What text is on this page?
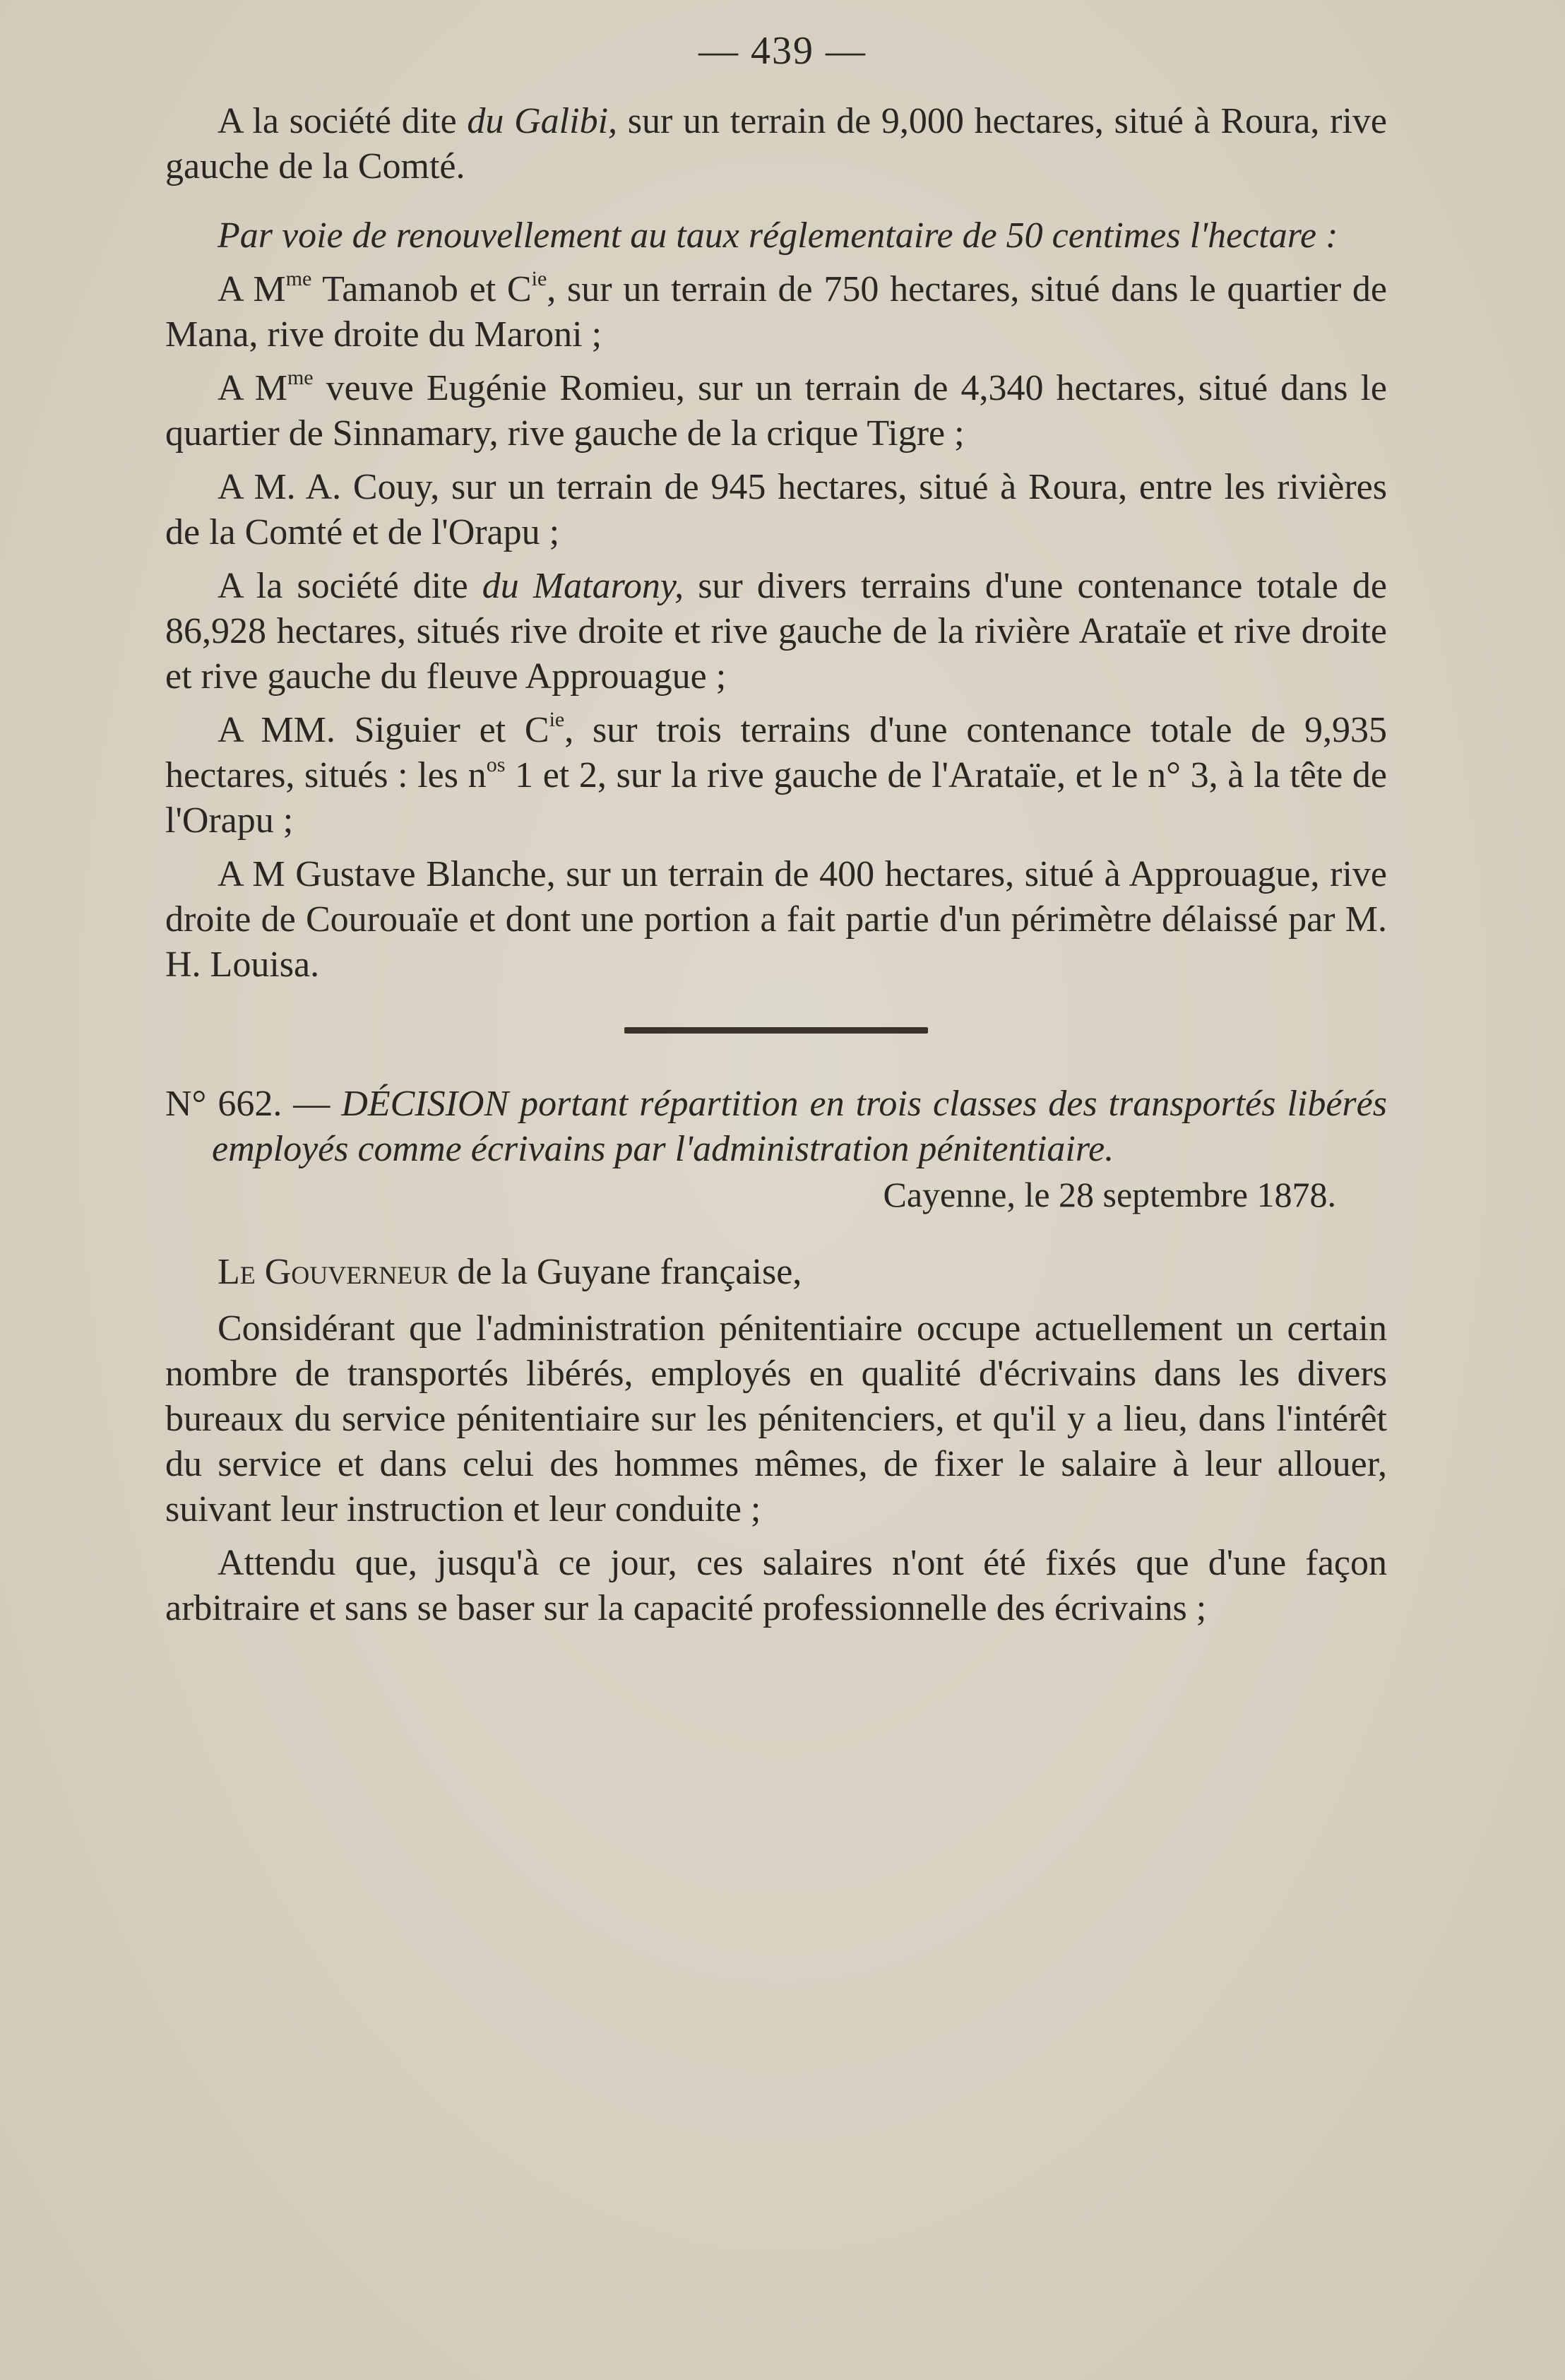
— 439 —

A la société dite du Galibi, sur un terrain de 9,000 hectares, situé à Roura, rive gauche de la Comté.

Par voie de renouvellement au taux réglementaire de 50 centimes l'hectare :

A $M^{me}$ Tamanob et $C^{ie}$, sur un terrain de 750 hectares, situé dans le quartier de Mana, rive droite du Maroni ;

A $M^{me}$ veuve Eugénie Romieu, sur un terrain de 4,340 hectares, situé dans le quartier de Sinnamary, rive gauche de la crique Tigre ;

A M. A. Couy, sur un terrain de 945 hectares, situé à Roura, entre les rivières de la Comté et de l'Orapu ;

A la société dite du Matarony, sur divers terrains d'une contenance totale de 86,928 hectares, situés rive droite et rive gauche de la rivière Arataïe et rive droite et rive gauche du fleuve Approuague ;

A MM. Siguier et $C^{ie}$, sur trois terrains d'une contenance totale de 9,935 hectares, situés : les $n^{os}$ 1 et 2, sur la rive gauche de l'Arataïe, et le n° 3, à la tête de l'Orapu ;

A M Gustave Blanche, sur un terrain de 400 hectares, situé à Approuague, rive droite de Courouaïe et dont une portion a fait partie d'un périmètre délaissé par M. H. Louisa.

N° 662. — DÉCISION portant répartition en trois classes des transportés libérés employés comme écrivains par l'administration pénitentiaire.

Cayenne, le 28 septembre 1878.

Le Gouverneur de la Guyane française,

Considérant que l'administration pénitentiaire occupe actuellement un certain nombre de transportés libérés, employés en qualité d'écrivains dans les divers bureaux du service pénitentiaire sur les pénitenciers, et qu'il y a lieu, dans l'intérêt du service et dans celui des hommes mêmes, de fixer le salaire à leur allouer, suivant leur instruction et leur conduite ;

Attendu que, jusqu'à ce jour, ces salaires n'ont été fixés que d'une façon arbitraire et sans se baser sur la capacité professionnelle des écrivains ;
